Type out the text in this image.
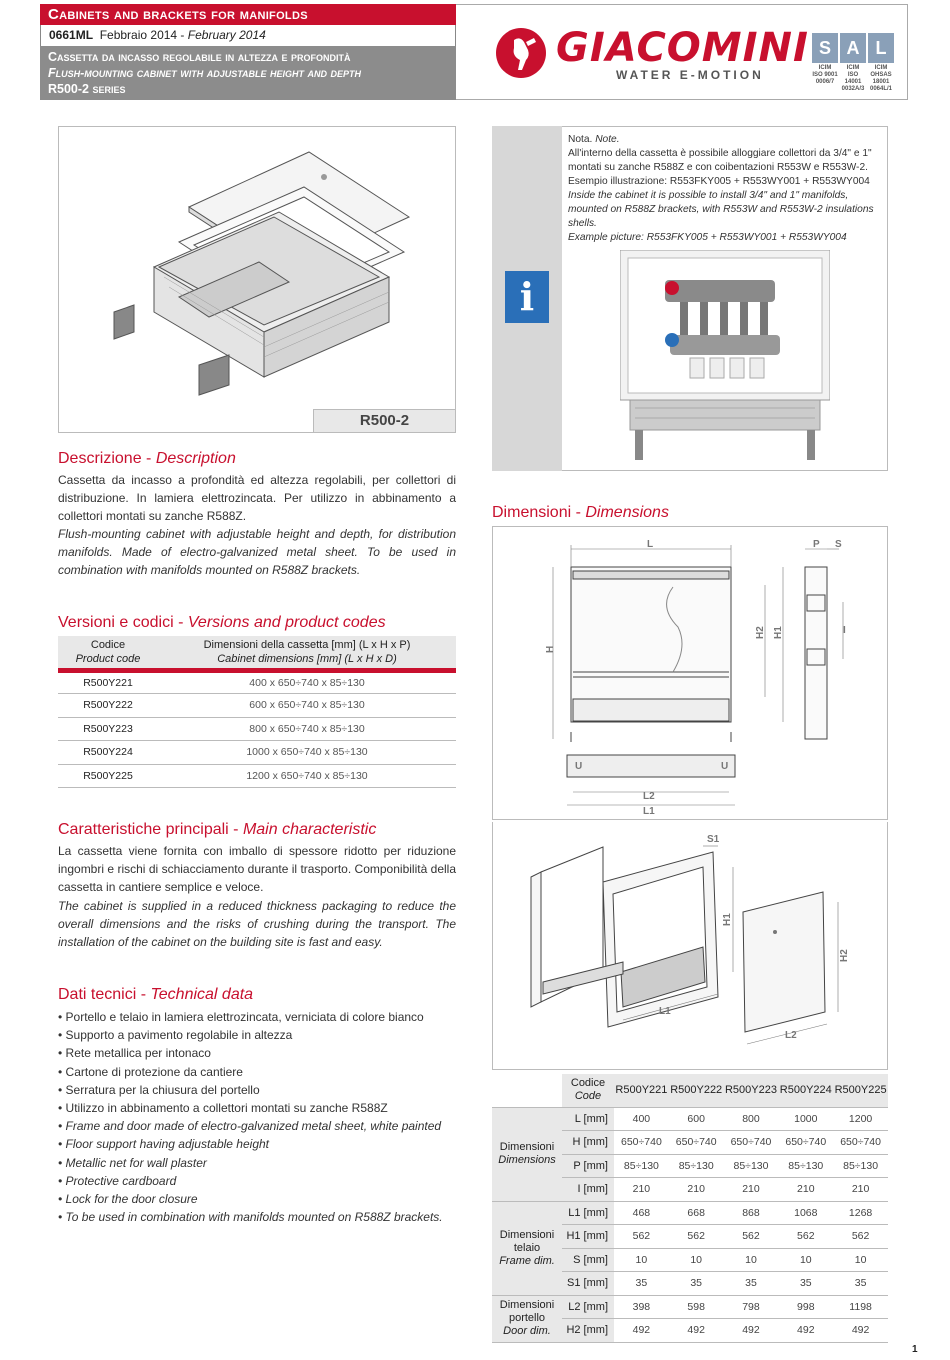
Cabinets and brackets for manifolds
0661ML Febbraio 2014 - February 2014
Cassetta da incasso regolabile in altezza e profondità
Flush-mounting cabinet with adjustable height and depth
R500-2 series
GIACOMINI
WATER E-MOTION
S
ICIM
ISO 9001
0006/7
A
ICIM
ISO 14001
0032A/3
L
ICIM
OHSAS 18001
0064L/1
R500-2
i
Nota. Note.
All'interno della cassetta è possibile alloggiare collettori da 3/4" e 1" montati su zanche R588Z e con coibentazioni R553W e R553W-2.
Esempio illustrazione: R553FKY005 + R553WY001 + R553WY004
Inside the cabinet it is possible to install 3/4" and 1" manifolds, mounted on R588Z brackets, with R553W and R553W-2 insulations shells.
Example picture: R553FKY005 + R553WY001 + R553WY004
Descrizione - Description
Cassetta da incasso a profondità ed altezza regolabili, per collettori di distribuzione. In lamiera elettrozincata. Per utilizzo in abbinamento a collettori montati su zanche R588Z.
Flush-mounting cabinet with adjustable height and depth, for distribution manifolds. Made of electro-galvanized metal sheet. To be used in combination with manifolds mounted on R588Z brackets.
Versioni e codici - Versions and product codes
Codice
Product code	Dimensioni della cassetta [mm] (L x H x P)
Cabinet dimensions [mm] (L x H x D)
R500Y221	400 x 650÷740 x 85÷130
R500Y222	600 x 650÷740 x 85÷130
R500Y223	800 x 650÷740 x 85÷130
R500Y224	1000 x 650÷740 x 85÷130
R500Y225	1200 x 650÷740 x 85÷130
Caratteristiche principali - Main characteristic
La cassetta viene fornita con imballo di spessore ridotto per riduzione ingombri e rischi di schiacciamento durante il trasporto. Componibilità della cassetta in cantiere semplice e veloce.
The cabinet is supplied in a reduced thickness packaging to reduce the overall dimensions and the risks of crushing during the transport. The installation of the cabinet on the building site is fast and easy.
Dati tecnici - Technical data
• Portello e telaio in lamiera elettrozincata, verniciata di colore bianco
• Supporto a pavimento regolabile in altezza
• Rete metallica per intonaco
• Cartone di protezione da cantiere
• Serratura per la chiusura del portello
• Utilizzo in abbinamento a collettori montati su zanche R588Z
• Frame and door made of electro-galvanized metal sheet, white painted
• Floor support having adjustable height
• Metallic net for wall plaster
• Protective cardboard
• Lock for the door closure
• To be used in combination with manifolds mounted on R588Z brackets.
Dimensioni - Dimensions
L	P S
H
H2 H1	I
L2
L1
U	U
S1
H1
H2
L1
L2
	Codice
Code	R500Y221	R500Y222	R500Y223	R500Y224	R500Y225
Dimensioni
Dimensions	L [mm]	400	600	800	1000	1200
	H [mm]	650÷740	650÷740	650÷740	650÷740	650÷740
	P [mm]	85÷130	85÷130	85÷130	85÷130	85÷130
	I [mm]	210	210	210	210	210
Dimensioni
telaio
Frame dim.	L1 [mm]	468	668	868	1068	1268
	H1 [mm]	562	562	562	562	562
	S [mm]	10	10	10	10	10
	S1 [mm]	35	35	35	35	35
Dimensioni
portello
Door dim.	L2 [mm]	398	598	798	998	1198
	H2 [mm]	492	492	492	492	492
1
